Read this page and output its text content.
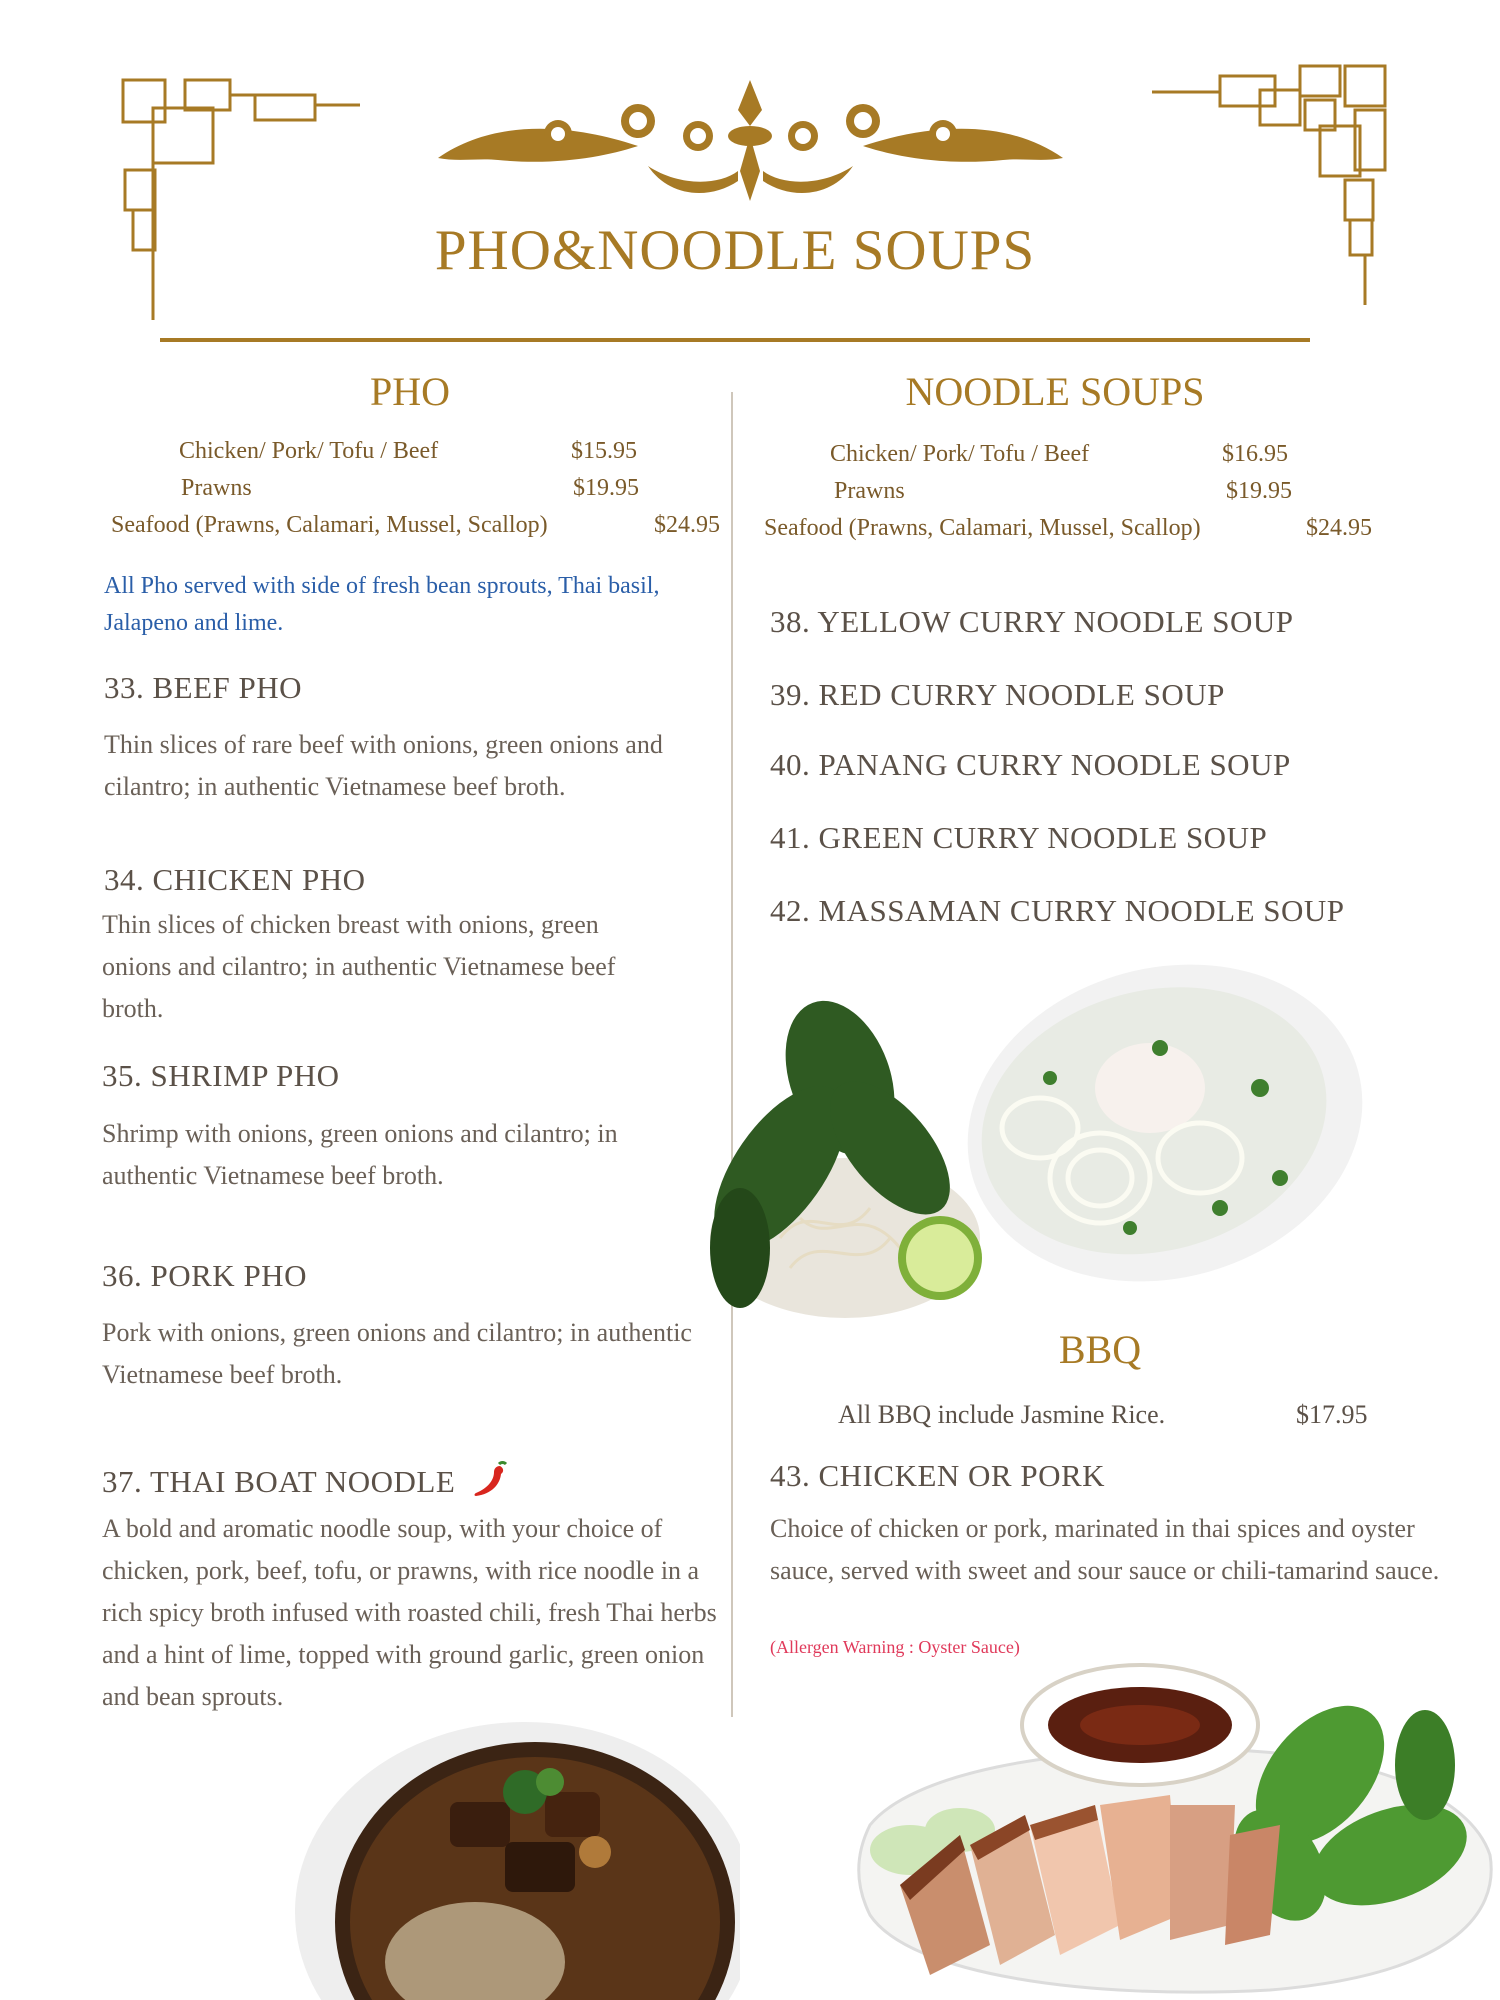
PHO&NOODLE SOUPS
PHO
Chicken/ Pork/ Tofu / Beef	$15.95
Prawns	$19.95
Seafood (Prawns, Calamari, Mussel, Scallop)	$24.95
All Pho served with side of fresh bean sprouts, Thai basil, Jalapeno and lime.
33. BEEF PHO
Thin slices of rare beef with onions, green onions and cilantro; in authentic Vietnamese beef broth.
34. CHICKEN PHO
Thin slices of chicken breast with onions, green onions and cilantro; in authentic Vietnamese beef broth.
35. SHRIMP PHO
Shrimp with onions, green onions and cilantro; in authentic Vietnamese beef broth.
36. PORK PHO
Pork with onions, green onions and cilantro; in authentic Vietnamese beef broth.
37. THAI BOAT NOODLE
A bold and aromatic noodle soup, with your choice of chicken, pork, beef, tofu, or prawns, with rice noodle in a rich spicy broth infused with roasted chili, fresh Thai herbs and a hint of lime, topped with ground garlic, green onion and bean sprouts.
NOODLE SOUPS
Chicken/ Pork/ Tofu / Beef	$16.95
Prawns	$19.95
Seafood (Prawns, Calamari, Mussel, Scallop)	$24.95
38. YELLOW CURRY NOODLE SOUP
39. RED CURRY NOODLE SOUP
40. PANANG CURRY NOODLE SOUP
41. GREEN CURRY NOODLE SOUP
42. MASSAMAN CURRY NOODLE SOUP
BBQ
All BBQ include Jasmine Rice.	$17.95
43. CHICKEN OR PORK
Choice of chicken or pork, marinated in thai spices and oyster sauce, served with sweet and sour sauce or chili-tamarind sauce.
(Allergen Warning : Oyster Sauce)
